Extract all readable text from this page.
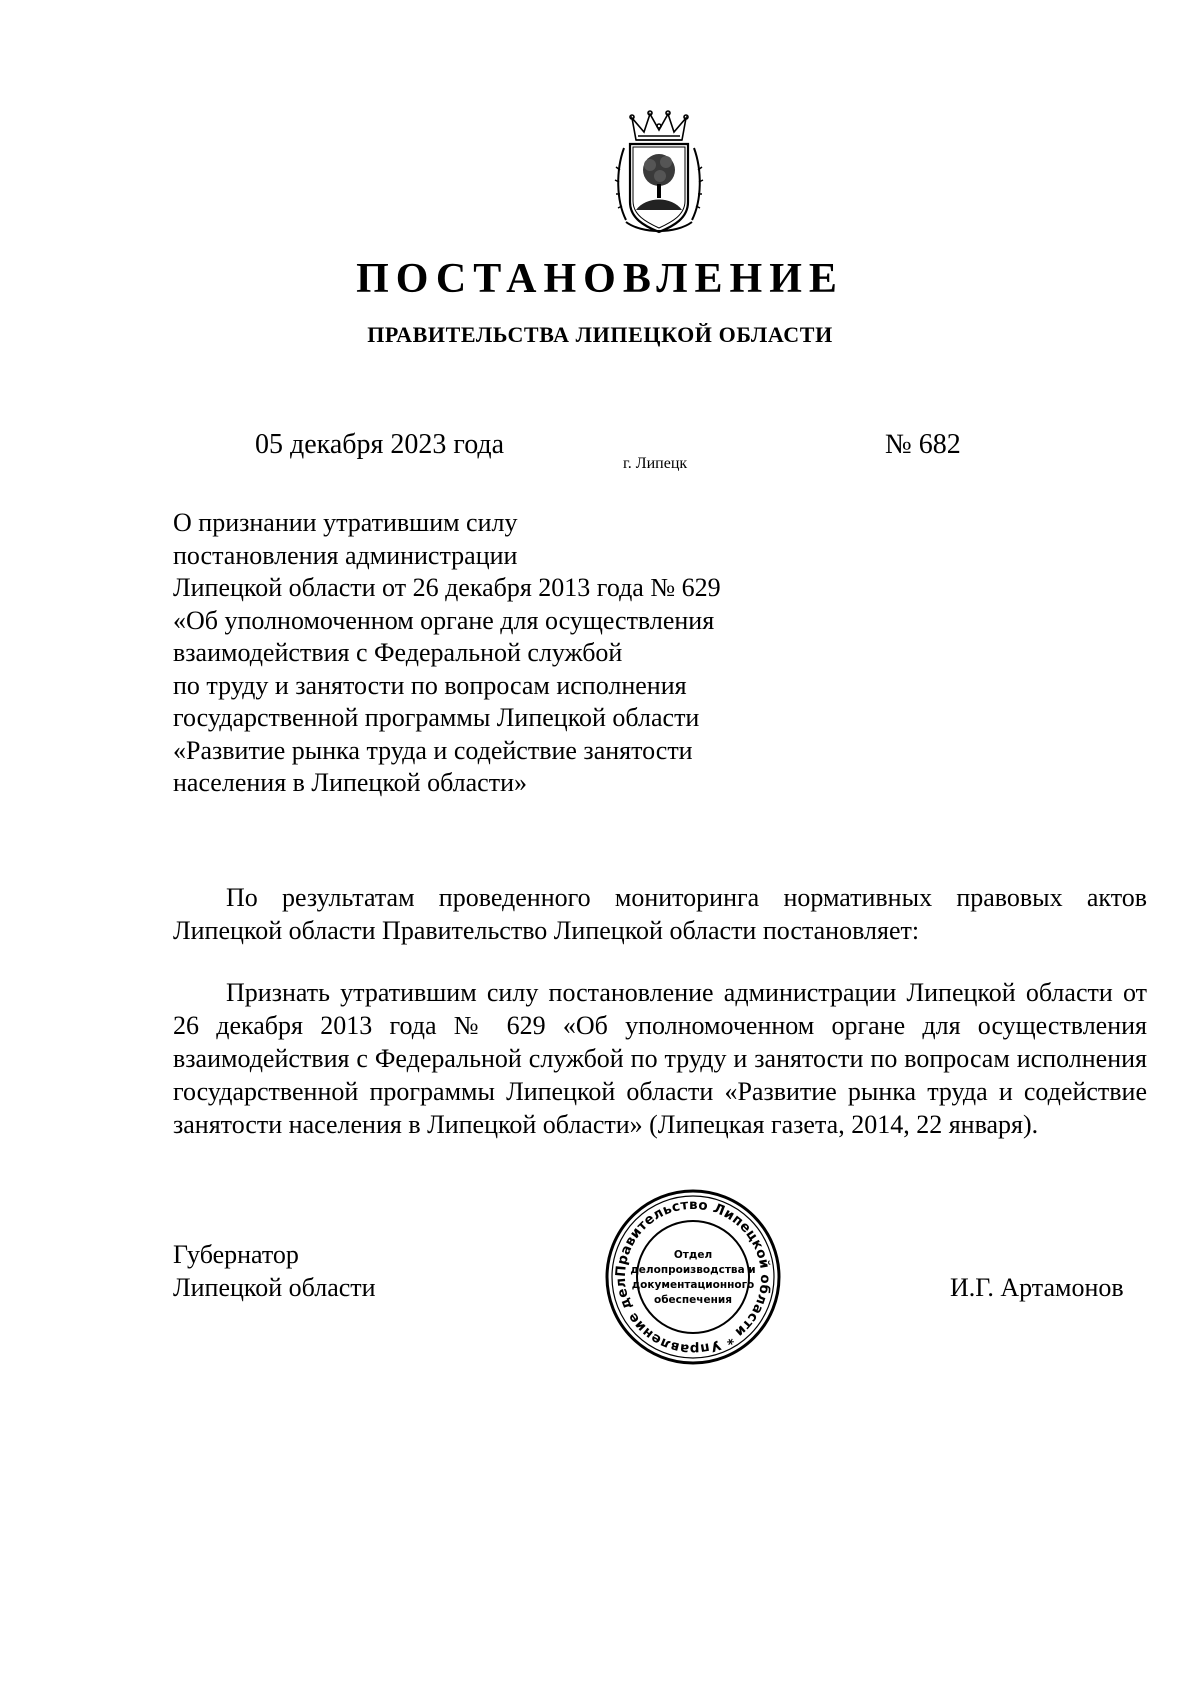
ПОСТАНОВЛЕНИЕ
ПРАВИТЕЛЬСТВА ЛИПЕЦКОЙ ОБЛАСТИ
05 декабря 2023 года
г. Липецк
№ 682
О признании утратившим силу
постановления администрации
Липецкой области от 26 декабря 2013 года № 629
«Об уполномоченном органе для осуществления
взаимодействия с Федеральной службой
по труду и занятости по вопросам исполнения
государственной программы Липецкой области
«Развитие рынка труда и содействие занятости
населения в Липецкой области»

По результатам проведенного мониторинга нормативных правовых актов Липецкой области Правительство Липецкой области постановляет:

Признать утратившим силу постановление администрации Липецкой области от 26 декабря 2013 года № 629 «Об уполномоченном органе для осуществления взаимодействия с Федеральной службой по труду и занятости по вопросам исполнения государственной программы Липецкой области «Развитие рынка труда и содействие занятости населения в Липецкой области» (Липецкая газета, 2014, 22 января).

Губернатор
Липецкой области
Правительство Липецкой области * Управление дел
Отдел
делопроизводства и
документационного
обеспечения	И.Г. Артамонов
